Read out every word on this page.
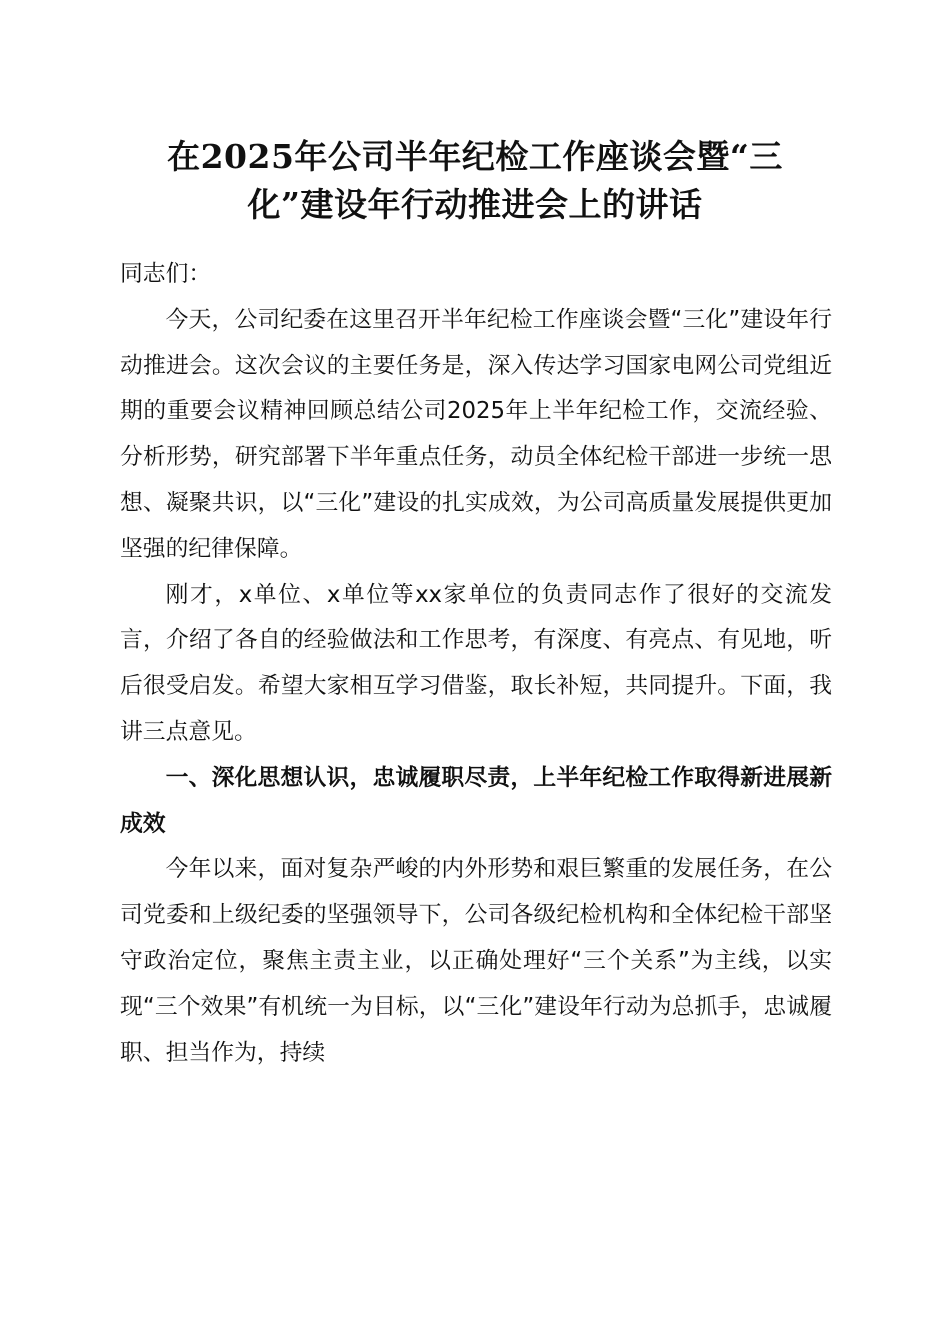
在2025年公司半年纪检工作座谈会暨“三
化”建设年行动推进会上的讲话

同志们：

今天，公司纪委在这里召开半年纪检工作座谈会暨“三化”建设年行动推进会。这次会议的主要任务是，深入传达学习国家电网公司党组近期的重要会议精神回顾总结公司2025年上半年纪检工作，交流经验、分析形势，研究部署下半年重点任务，动员全体纪检干部进一步统一思想、凝聚共识，以“三化”建设的扎实成效，为公司高质量发展提供更加坚强的纪律保障。

刚才，x单位、x单位等xx家单位的负责同志作了很好的交流发言，介绍了各自的经验做法和工作思考，有深度、有亮点、有见地，听后很受启发。希望大家相互学习借鉴，取长补短，共同提升。下面，我讲三点意见。

一、深化思想认识，忠诚履职尽责，上半年纪检工作取得新进展新成效

今年以来，面对复杂严峻的内外形势和艰巨繁重的发展任务，在公司党委和上级纪委的坚强领导下，公司各级纪检机构和全体纪检干部坚守政治定位，聚焦主责主业，以正确处理好“三个关系”为主线，以实现“三个效果”有机统一为目标，以“三化”建设年行动为总抓手，忠诚履职、担当作为，持续
